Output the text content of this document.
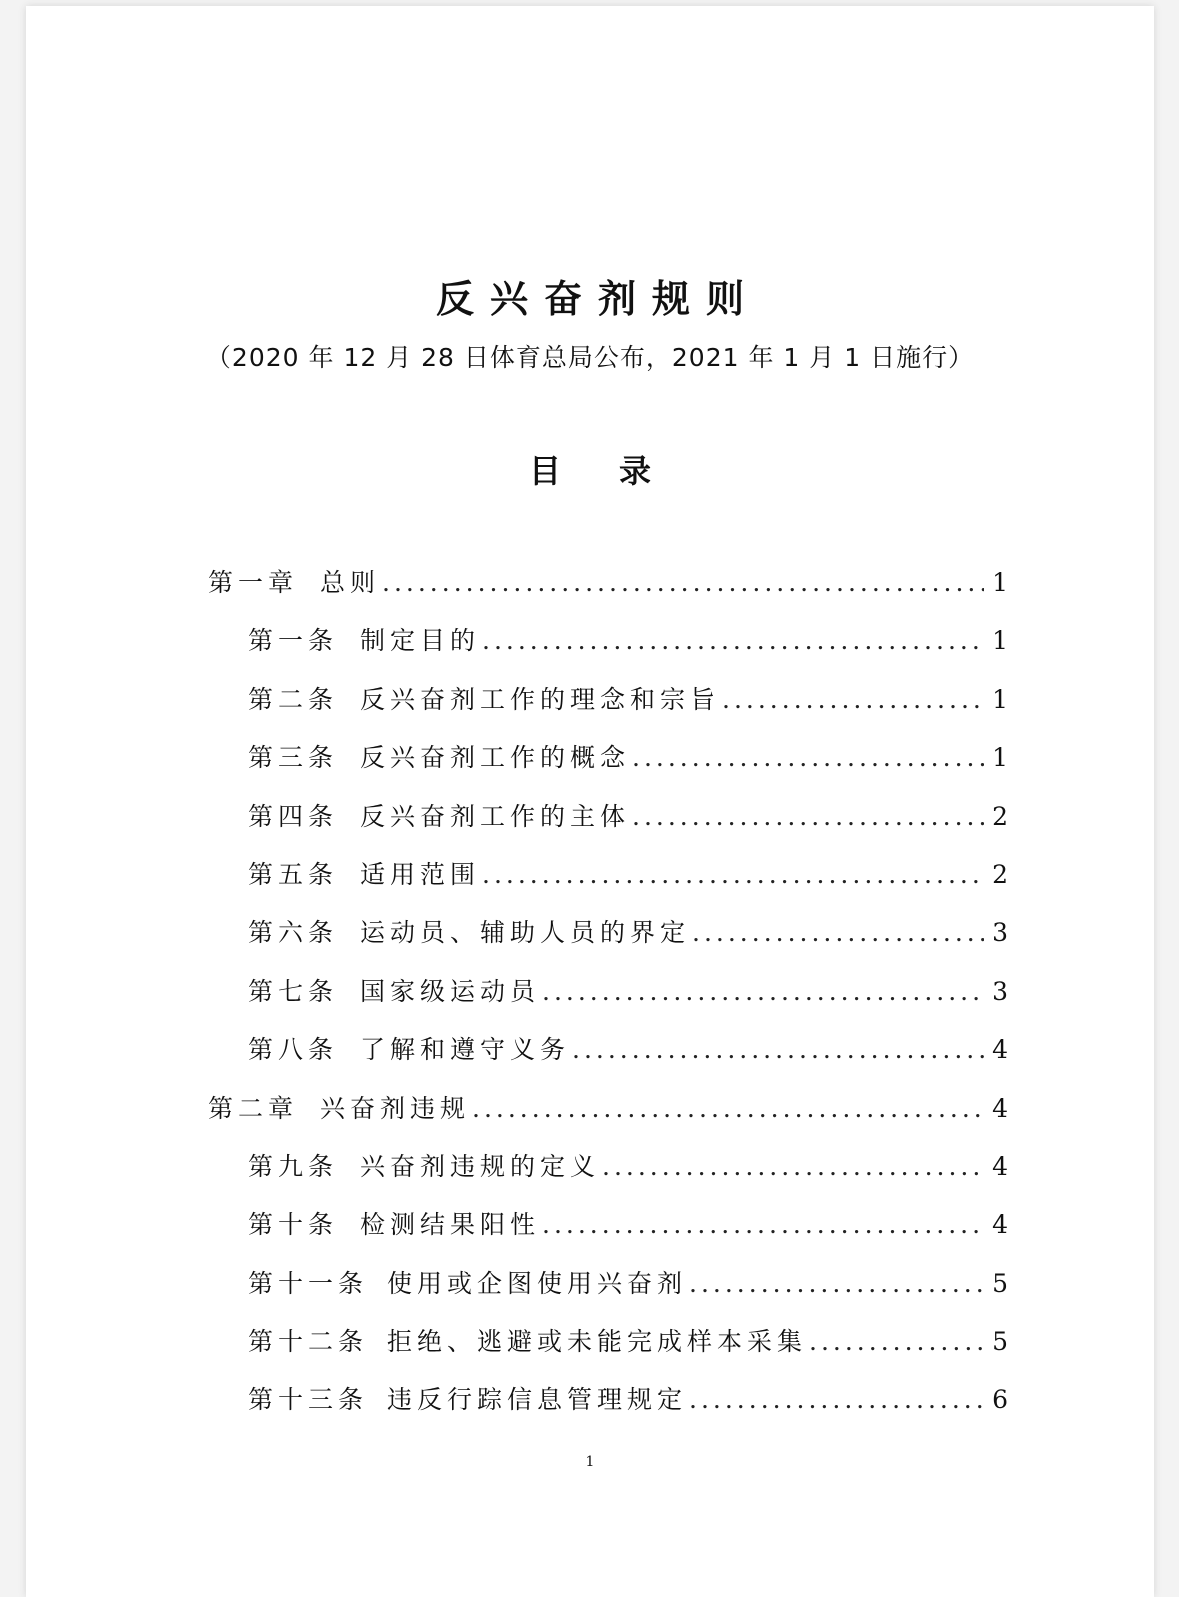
反兴奋剂规则
（2020 年 12 月 28 日体育总局公布，2021 年 1 月 1 日施行）
目 录
第一章 总则 .....	1
第一条 制定目的 .....	1
第二条 反兴奋剂工作的理念和宗旨 .....	1
第三条 反兴奋剂工作的概念 .....	1
第四条 反兴奋剂工作的主体 .....	2
第五条 适用范围 .....	2
第六条 运动员、辅助人员的界定 .....	3
第七条 国家级运动员 .....	3
第八条 了解和遵守义务 .....	4
第二章 兴奋剂违规 .....	4
第九条 兴奋剂违规的定义 .....	4
第十条 检测结果阳性 .....	4
第十一条 使用或企图使用兴奋剂 .....	5
第十二条 拒绝、逃避或未能完成样本采集 .....	5
第十三条 违反行踪信息管理规定 .....	6
1
